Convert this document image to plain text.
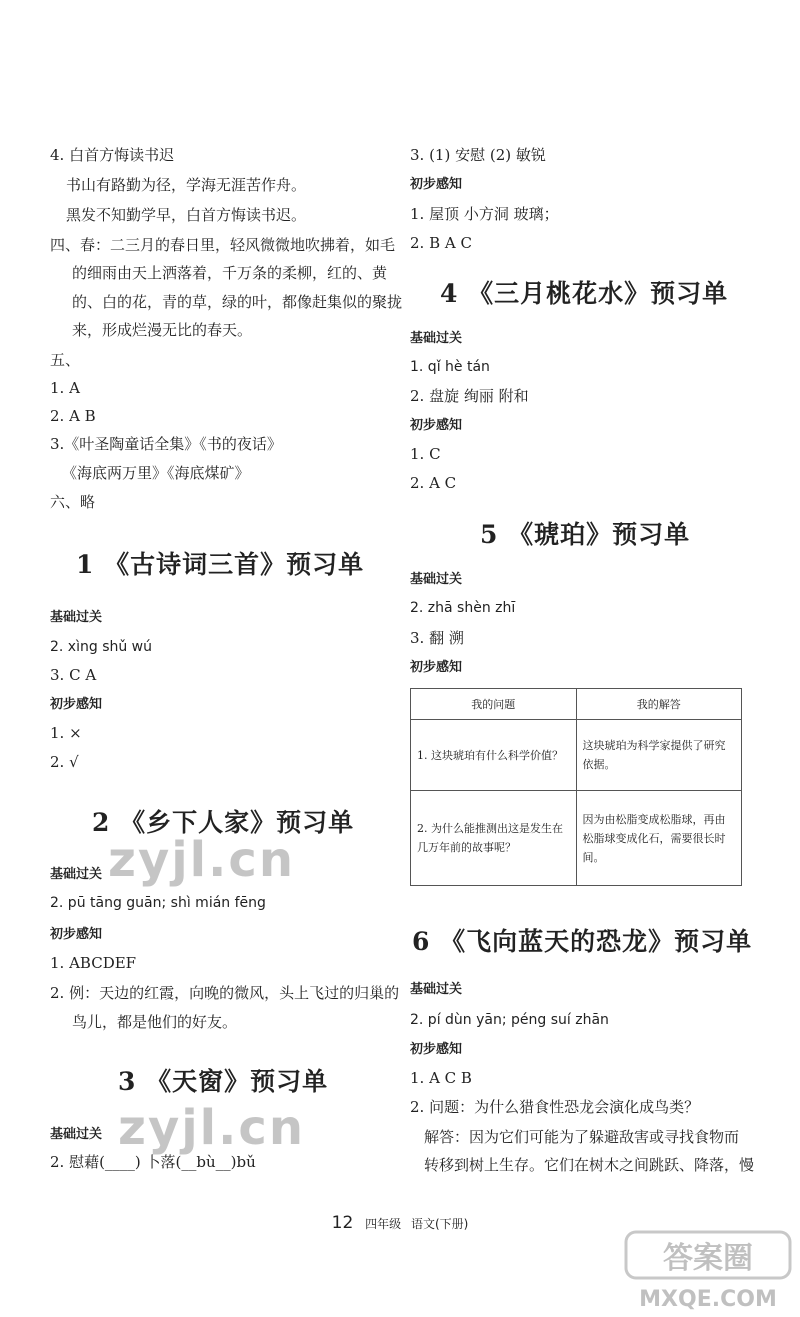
4. 白首方悔读书迟
书山有路勤为径，学海无涯苦作舟。
黑发不知勤学早，白首方悔读书迟。
四、春：二三月的春日里，轻风微微地吹拂着，如毛
的细雨由天上洒落着，千万条的柔柳，红的、黄
的、白的花，青的草，绿的叶，都像赶集似的聚拢
来，形成烂漫无比的春天。
五、
1. A
2. A B
3.《叶圣陶童话全集》《书的夜话》
《海底两万里》《海底煤矿》
六、略
1 《古诗词三首》预习单
基础过关
2. xìng shǔ wú
3. C A
初步感知
1. ×
2. √
2 《乡下人家》预习单
基础过关
2. pū tāng guān; shì mián fēng
初步感知
1. ABCDEF
2. 例：天边的红霞，向晚的微风，头上飞过的归巢的
鸟儿，都是他们的好友。
3 《天窗》预习单
基础过关
2. 慰藉(____) 卜落(__bù__)bǔ
3. (1) 安慰 (2) 敏锐
初步感知
1. 屋顶 小方洞 玻璃；
2. B A C
4 《三月桃花水》预习单
基础过关
1. qǐ hè tán
2. 盘旋 绚丽 附和
初步感知
1. C
2. A C
5 《琥珀》预习单
基础过关
2. zhā shèn zhī
3. 翻 溯
初步感知
我的问题	我的解答
1. 这块琥珀有什么科学价值？	这块琥珀为科学家提供了研究依据。
2. 为什么能推测出这是发生在几万年前的故事呢？	因为由松脂变成松脂球，再由松脂球变成化石，需要很长时间。
6 《飞向蓝天的恐龙》预习单
基础过关
2. pí dùn yān; péng suí zhān
初步感知
1. A C B
2. 问题：为什么猎食性恐龙会演化成鸟类？
解答：因为它们可能为了躲避敌害或寻找食物而
转移到树上生存。它们在树木之间跳跃、降落，慢
zyjl.cn
zyjl.cn
12 四年级 语文(下册)
答案圈
MXQE.COM
